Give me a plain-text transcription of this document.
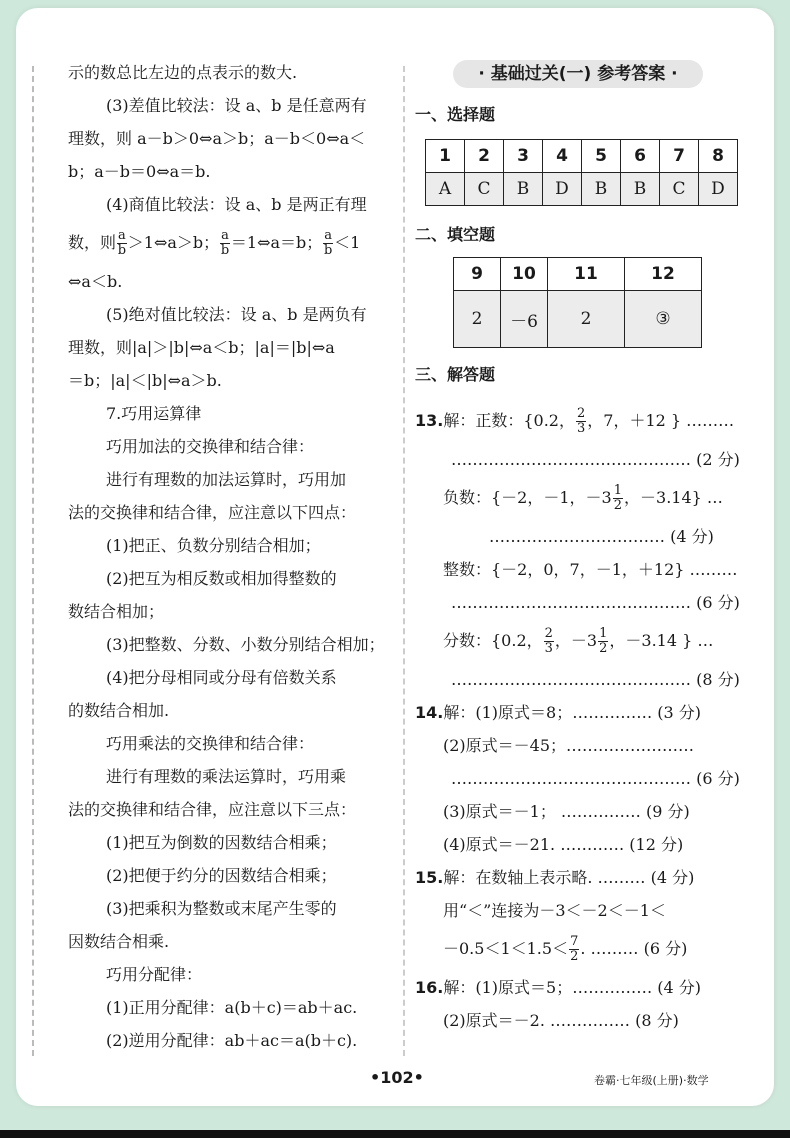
示的数总比左边的点表示的数大.

(3)差值比较法：设 a、b 是任意两有

理数，则 a－b＞0⇔a＞b；a－b＜0⇔a＜

b；a－b＝0⇔a＝b.

(4)商值比较法：设 a、b 是两正有理

数，则 $\frac{a}{b}$ ＞1⇔a＞b； $\frac{a}{b}$ ＝1⇔a＝b； $\frac{a}{b} <1$

⇔a＜b.

(5)绝对值比较法：设 a、b 是两负有

理数，则|a|＞|b|⇔a＜b；|a|＝|b|⇔a

＝b；|a|＜|b|⇔a＞b.

7.巧用运算律

巧用加法的交换律和结合律：

进行有理数的加法运算时，巧用加

法的交换律和结合律，应注意以下四点：

(1)把正、负数分别结合相加；

(2)把互为相反数或相加得整数的

数结合相加；

(3)把整数、分数、小数分别结合相加；

(4)把分母相同或分母有倍数关系

的数结合相加.

巧用乘法的交换律和结合律：

进行有理数的乘法运算时，巧用乘

法的交换律和结合律，应注意以下三点：

(1)把互为倒数的因数结合相乘；

(2)把便于约分的因数结合相乘；

(3)把乘积为整数或末尾产生零的

因数结合相乘.

巧用分配律：

(1)正用分配律：a(b＋c)＝ab＋ac.

(2)逆用分配律：ab＋ac＝a(b＋c).

· 基础过关(一) 参考答案 ·

一、选择题

1	2	3	4	5	6	7	8
A	C	B	D	B	B	C	D

二、填空题

9	10	11	12
2	－6	2	③

三、解答题

13.解：正数：{0.2， $\frac{2}{3}$ ，7，＋12 } ………
……………………………………… (2 分)
负数：{－2，－1，$-3 \frac{1}{2}$ ，－3.14} …
…………………………… (4 分)
整数：{－2，0，7，－1，＋12} ………
……………………………………… (6 分)
分数：{0.2， $\frac{2}{3}$ ，$-3 \frac{1}{2}$ ，－3.14 } …
……………………………………… (8 分)
14.解：(1)原式＝8；…………… (3 分)
(2)原式＝－45；……………………
……………………………………… (6 分)
(3)原式＝－1； …………… (9 分)
(4)原式＝－21. ………… (12 分)
15.解：在数轴上表示略. ……… (4 分)
用“＜”连接为－3＜－2＜－1＜
$-0.5<1<1.5< \frac{7}{2}$ . ……… (6 分)
16.解：(1)原式＝5；…………… (4 分)
(2)原式＝－2. …………… (8 分)
•102•	卷霸·七年级(上册)·数学
